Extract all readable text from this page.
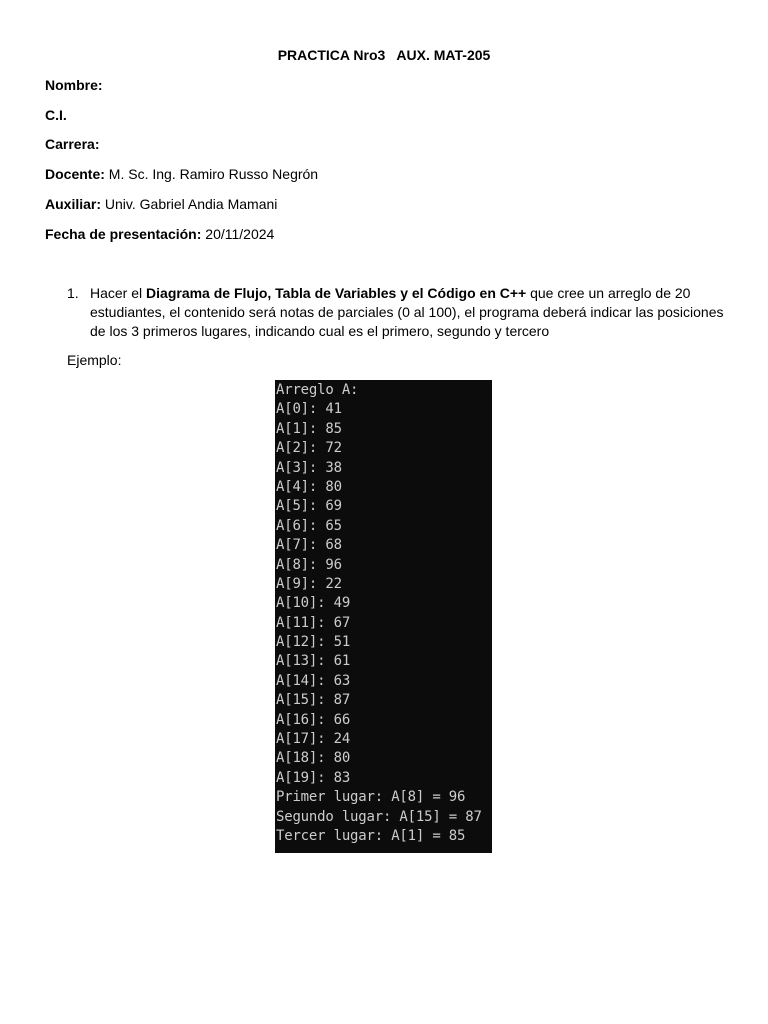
PRACTICA Nro3   AUX. MAT-205
Nombre:
C.I.
Carrera:
Docente: M. Sc. Ing. Ramiro Russo Negrón
Auxiliar: Univ. Gabriel Andia Mamani
Fecha de presentación: 20/11/2024
1. Hacer el Diagrama de Flujo, Tabla de Variables y el Código en C++ que cree un arreglo de 20 estudiantes, el contenido será notas de parciales (0 al 100), el programa deberá indicar las posiciones de los 3 primeros lugares, indicando cual es el primero, segundo y tercero
Ejemplo:
Arreglo A:
A[0]: 41
A[1]: 85
A[2]: 72
A[3]: 38
A[4]: 80
A[5]: 69
A[6]: 65
A[7]: 68
A[8]: 96
A[9]: 22
A[10]: 49
A[11]: 67
A[12]: 51
A[13]: 61
A[14]: 63
A[15]: 87
A[16]: 66
A[17]: 24
A[18]: 80
A[19]: 83
Primer lugar: A[8] = 96
Segundo lugar: A[15] = 87
Tercer lugar: A[1] = 85
